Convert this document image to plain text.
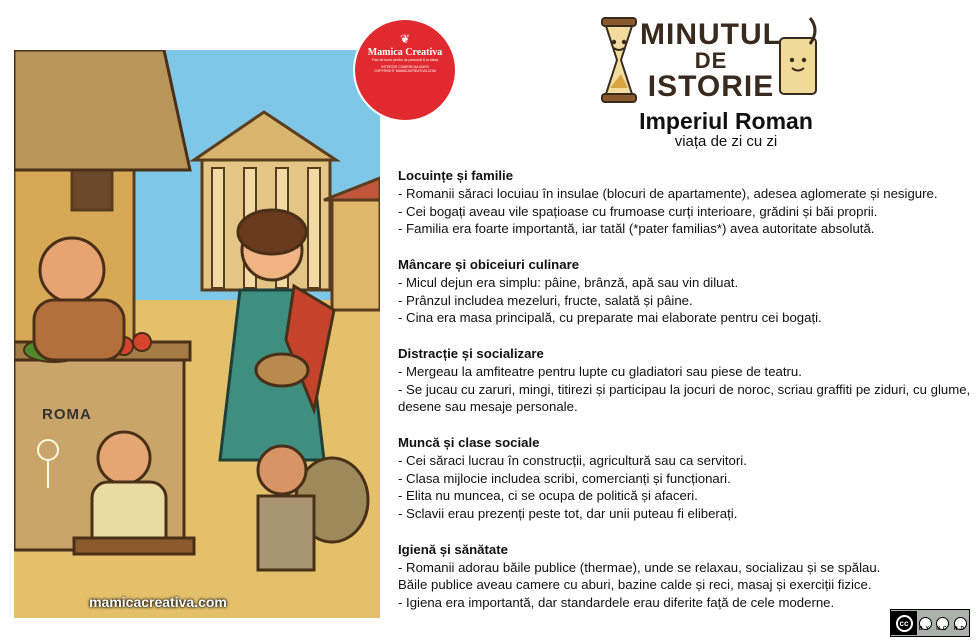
ROMA
mamicacreativa.com
❦
Mamica Creativa
Fise de lucru pentru uz personal & la clasa
INTERZIS COMERCIALIZARII
COPYRIGHT MAMICACREATIVA.COM
MINUTUL
DE
ISTORIE
Imperiul Roman
viața de zi cu zi
Locuințe și familie

- Romanii săraci locuiau în insulae (blocuri de apartamente), adesea aglomerate și nesigure.

- Cei bogați aveau vile spațioase cu frumoase curți interioare, grădini și băi proprii.

- Familia era foarte importantă, iar tatăl (*pater familias*) avea autoritate absolută.

Mâncare și obiceiuri culinare

- Micul dejun era simplu: pâine, brânză, apă sau vin diluat.

- Prânzul includea mezeluri, fructe, salată și pâine.

- Cina era masa principală, cu preparate mai elaborate pentru cei bogați.

Distracție și socializare

- Mergeau la amfiteatre pentru lupte cu gladiatori sau piese de teatru.

- Se jucau cu zaruri, mingi, titirezi și participau la jocuri de noroc, scriau graffiti pe ziduri, cu glume, desene sau mesaje personale.

Muncă și clase sociale

- Cei săraci lucrau în construcții, agricultură sau ca servitori.

- Clasa mijlocie includea scribi, comercianți și funcționari.

- Elita nu muncea, ci se ocupa de politică și afaceri.

- Sclavii erau prezenți peste tot, dar unii puteau fi eliberați.

Igienă și sănătate

- Romanii adorau băile publice (thermae), unde se relaxau, socializau și se spălau.

Băile publice aveau camere cu aburi, bazine calde și reci, masaj și exerciții fizice.

- Igiena era importantă, dar standardele erau diferite față de cele moderne.

cc
BY NC ND
